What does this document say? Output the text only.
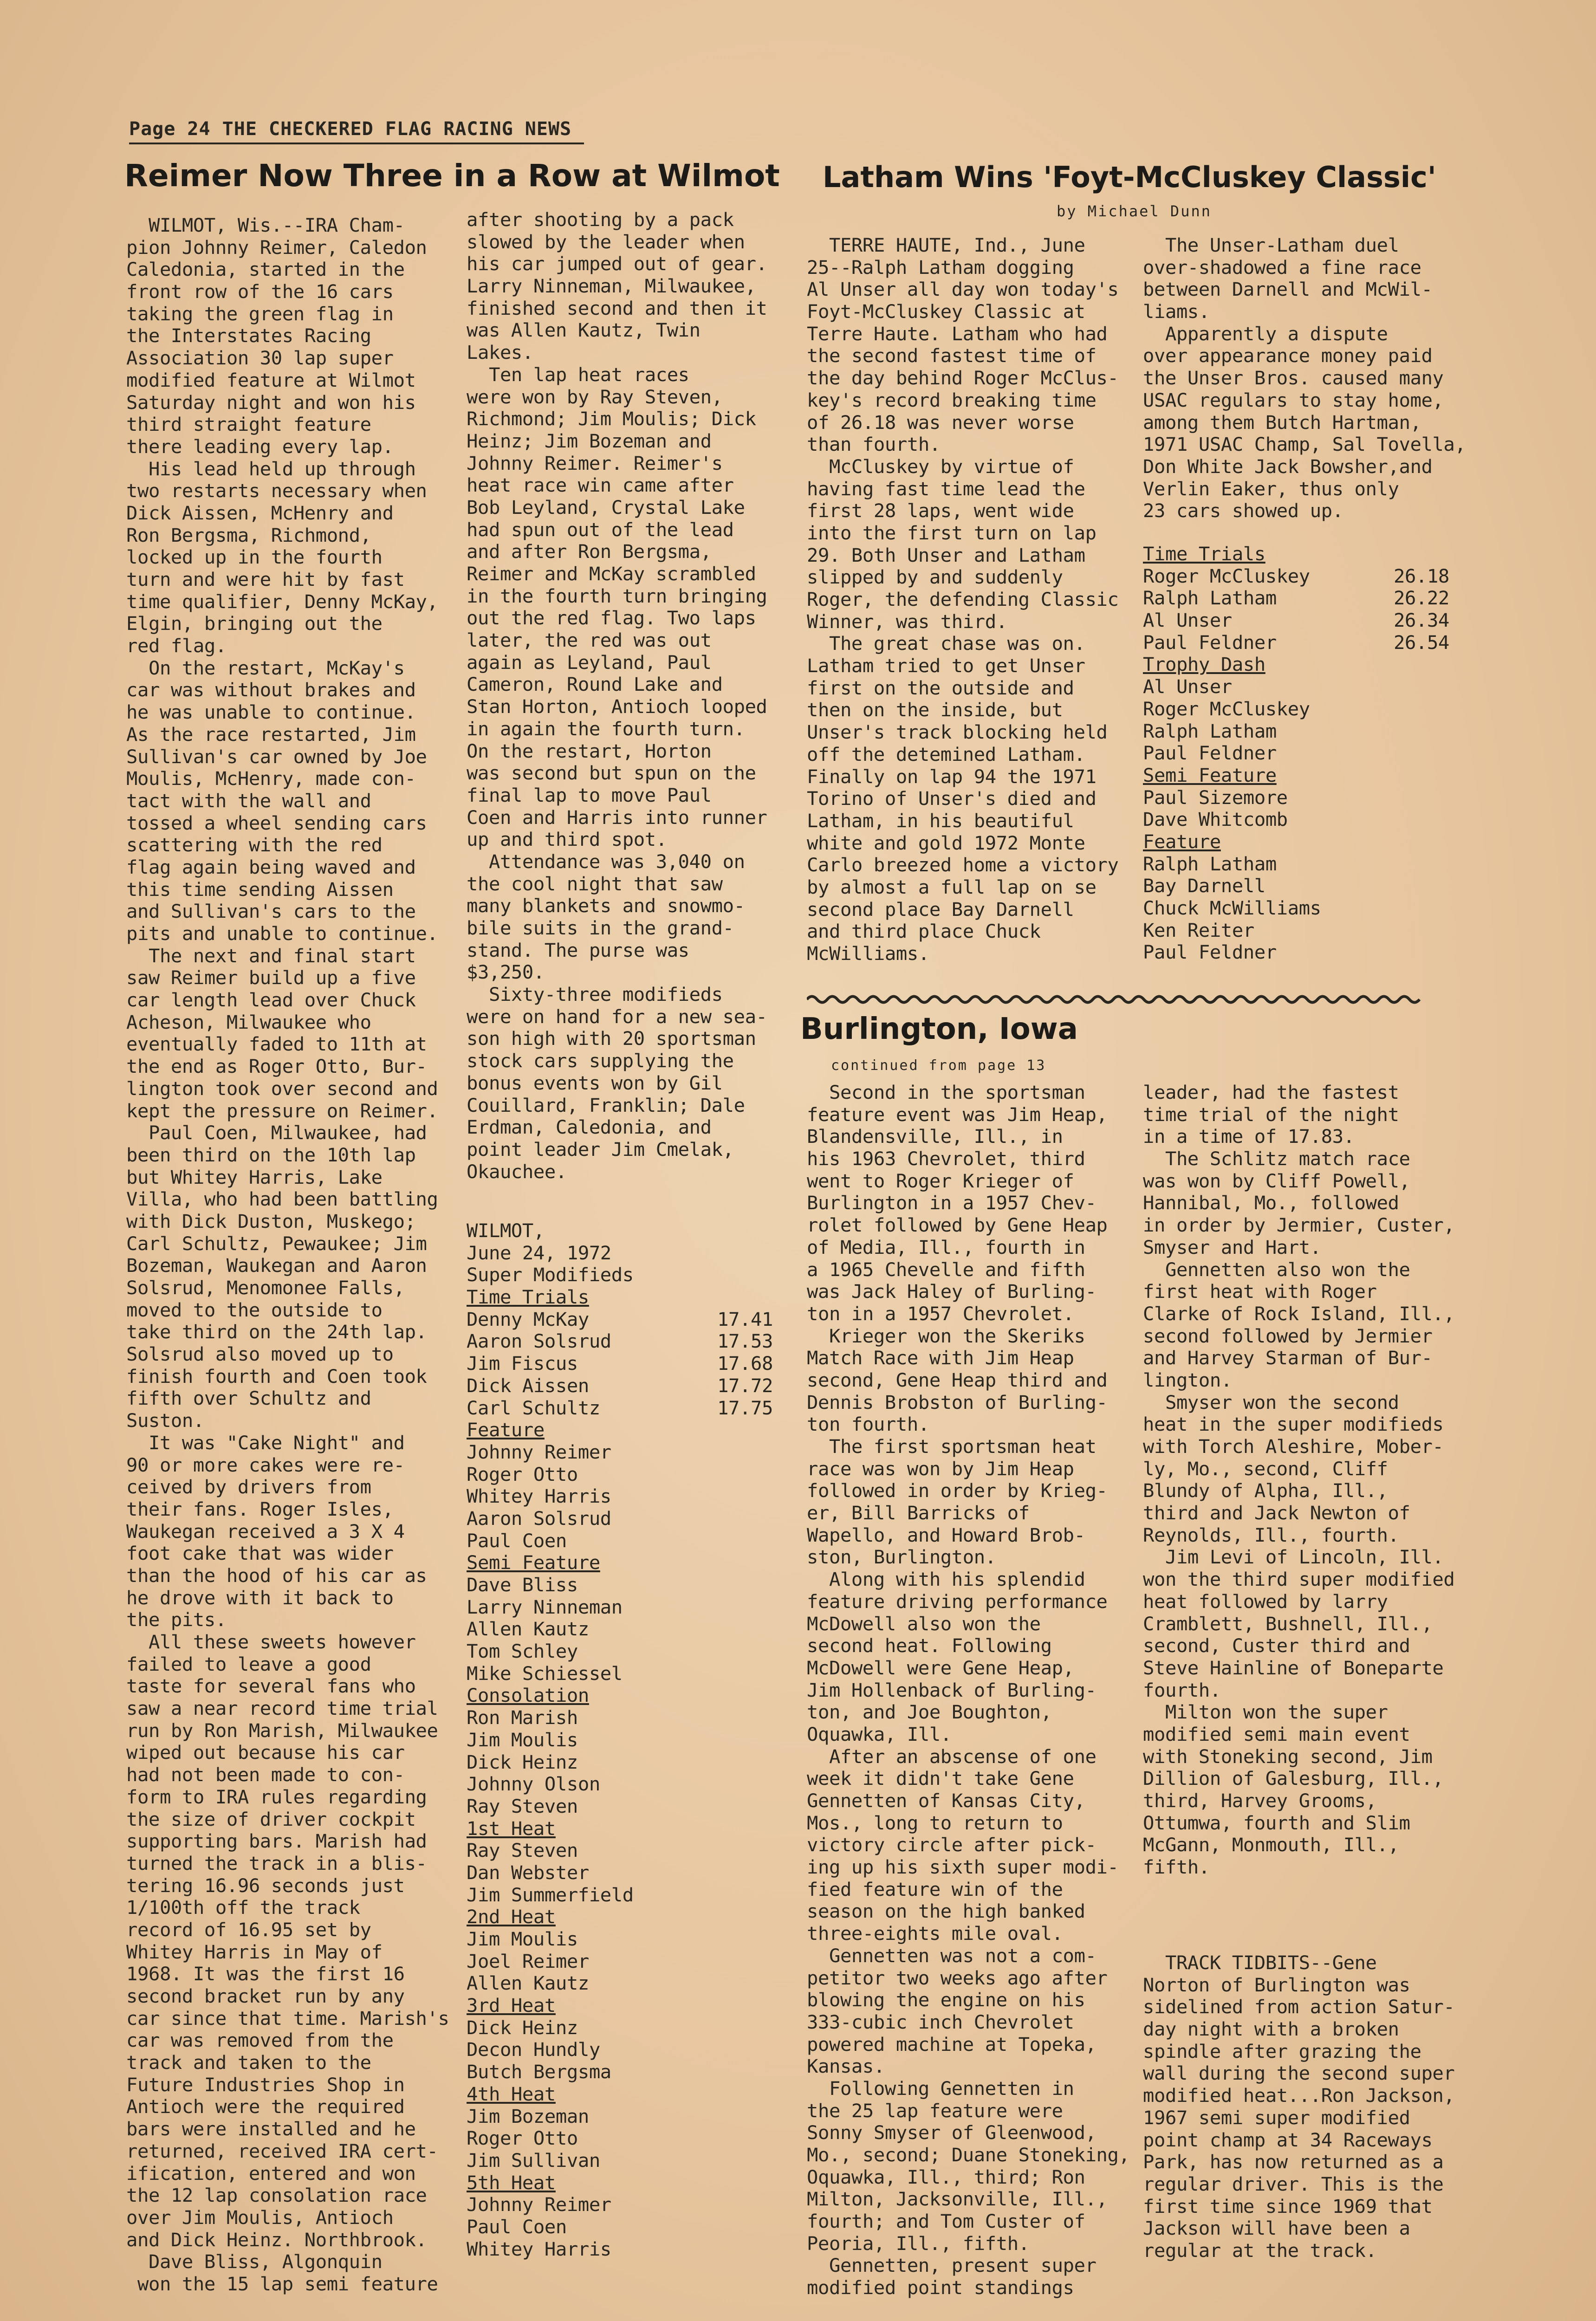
Page 24 THE CHECKERED FLAG RACING NEWS
Reimer Now Three in a Row at Wilmot Latham Wins 'Foyt-McCluskey Classic'
by Michael Dunn
WILMOT, Wis.--IRA Cham-
pion Johnny Reimer, Caledon
Caledonia, started in the
front row of the 16 cars
taking the green flag in
the Interstates Racing
Association 30 lap super
modified feature at Wilmot
Saturday night and won his
third straight feature
there leading every lap.
His lead held up through
two restarts necessary when
Dick Aissen, McHenry and
Ron Bergsma, Richmond,
locked up in the fourth
turn and were hit by fast
time qualifier, Denny McKay,
Elgin, bringing out the
red flag.
On the restart, McKay's
car was without brakes and
he was unable to continue.
As the race restarted, Jim
Sullivan's car owned by Joe
Moulis, McHenry, made con-
tact with the wall and
tossed a wheel sending cars
scattering with the red
flag again being waved and
this time sending Aissen
and Sullivan's cars to the
pits and unable to continue.
The next and final start
saw Reimer build up a five
car length lead over Chuck
Acheson, Milwaukee who
eventually faded to 11th at
the end as Roger Otto, Bur-
lington took over second and
kept the pressure on Reimer.
Paul Coen, Milwaukee, had
been third on the 10th lap
but Whitey Harris, Lake
Villa, who had been battling
with Dick Duston, Muskego;
Carl Schultz, Pewaukee; Jim
Bozeman, Waukegan and Aaron
Solsrud, Menomonee Falls,
moved to the outside to
take third on the 24th lap.
Solsrud also moved up to
finish fourth and Coen took
fifth over Schultz and
Suston.
It was "Cake Night" and
90 or more cakes were re-
ceived by drivers from
their fans. Roger Isles,
Waukegan received a 3 X 4
foot cake that was wider
than the hood of his car as
he drove with it back to
the pits.
All these sweets however
failed to leave a good
taste for several fans who
saw a near record time trial
run by Ron Marish, Milwaukee
wiped out because his car
had not been made to con-
form to IRA rules regarding
the size of driver cockpit
supporting bars. Marish had
turned the track in a blis-
tering 16.96 seconds just
1/100th off the track
record of 16.95 set by
Whitey Harris in May of
1968. It was the first 16
second bracket run by any
car since that time. Marish's
car was removed from the
track and taken to the
Future Industries Shop in
Antioch were the required
bars were installed and he
returned, received IRA cert-
ification, entered and won
the 12 lap consolation race
over Jim Moulis, Antioch
and Dick Heinz. Northbrook.
Dave Bliss, Algonquin
won the 15 lap semi feature
after shooting by a pack
slowed by the leader when
his car jumped out of gear.
Larry Ninneman, Milwaukee,
finished second and then it
was Allen Kautz, Twin
Lakes.
Ten lap heat races
were won by Ray Steven,
Richmond; Jim Moulis; Dick
Heinz; Jim Bozeman and
Johnny Reimer. Reimer's
heat race win came after
Bob Leyland, Crystal Lake
had spun out of the lead
and after Ron Bergsma,
Reimer and McKay scrambled
in the fourth turn bringing
out the red flag. Two laps
later, the red was out
again as Leyland, Paul
Cameron, Round Lake and
Stan Horton, Antioch looped
in again the fourth turn.
On the restart, Horton
was second but spun on the
final lap to move Paul
Coen and Harris into runner
up and third spot.
Attendance was 3,040 on
the cool night that saw
many blankets and snowmo-
bile suits in the grand-
stand. The purse was
$3,250.
Sixty-three modifieds
were on hand for a new sea-
son high with 20 sportsman
stock cars supplying the
bonus events won by Gil
Couillard, Franklin; Dale
Erdman, Caledonia, and
point leader Jim Cmelak,
Okauchee.
WILMOT,
June 24, 1972
Super Modifieds
Time Trials
Denny McKay	17.41
Aaron Solsrud	17.53
Jim Fiscus	17.68
Dick Aissen	17.72
Carl Schultz	17.75
Feature
Johnny Reimer
Roger Otto
Whitey Harris
Aaron Solsrud
Paul Coen
Semi Feature
Dave Bliss
Larry Ninneman
Allen Kautz
Tom Schley
Mike Schiessel
Consolation
Ron Marish
Jim Moulis
Dick Heinz
Johnny Olson
Ray Steven
1st Heat
Ray Steven
Dan Webster
Jim Summerfield
2nd Heat
Jim Moulis
Joel Reimer
Allen Kautz
3rd Heat
Dick Heinz
Decon Hundly
Butch Bergsma
4th Heat
Jim Bozeman
Roger Otto
Jim Sullivan
5th Heat
Johnny Reimer
Paul Coen
Whitey Harris
TERRE HAUTE, Ind., June
25--Ralph Latham dogging
Al Unser all day won today's
Foyt-McCluskey Classic at
Terre Haute. Latham who had
the second fastest time of
the day behind Roger McClus-
key's record breaking time
of 26.18 was never worse
than fourth.
McCluskey by virtue of
having fast time lead the
first 28 laps, went wide
into the first turn on lap
29. Both Unser and Latham
slipped by and suddenly
Roger, the defending Classic
Winner, was third.
The great chase was on.
Latham tried to get Unser
first on the outside and
then on the inside, but
Unser's track blocking held
off the detemined Latham.
Finally on lap 94 the 1971
Torino of Unser's died and
Latham, in his beautiful
white and gold 1972 Monte
Carlo breezed home a victory
by almost a full lap on se
second place Bay Darnell
and third place Chuck
McWilliams.
The Unser-Latham duel
over-shadowed a fine race
between Darnell and McWil-
liams.
Apparently a dispute
over appearance money paid
the Unser Bros. caused many
USAC regulars to stay home,
among them Butch Hartman,
1971 USAC Champ, Sal Tovella,
Don White Jack Bowsher,and
Verlin Eaker, thus only
23 cars showed up.
Time Trials
Roger McCluskey	26.18
Ralph Latham	26.22
Al Unser	26.34
Paul Feldner	26.54
Trophy Dash
Al Unser
Roger McCluskey
Ralph Latham
Paul Feldner
Semi Feature
Paul Sizemore
Dave Whitcomb
Feature
Ralph Latham
Bay Darnell
Chuck McWilliams
Ken Reiter
Paul Feldner
Burlington, Iowa
continued from page 13
Second in the sportsman
feature event was Jim Heap,
Blandensville, Ill., in
his 1963 Chevrolet, third
went to Roger Krieger of
Burlington in a 1957 Chev-
rolet followed by Gene Heap
of Media, Ill., fourth in
a 1965 Chevelle and fifth
was Jack Haley of Burling-
ton in a 1957 Chevrolet.
Krieger won the Skeriks
Match Race with Jim Heap
second, Gene Heap third and
Dennis Brobston of Burling-
ton fourth.
The first sportsman heat
race was won by Jim Heap
followed in order by Krieg-
er, Bill Barricks of
Wapello, and Howard Brob-
ston, Burlington.
Along with his splendid
feature driving performance
McDowell also won the
second heat. Following
McDowell were Gene Heap,
Jim Hollenback of Burling-
ton, and Joe Boughton,
Oquawka, Ill.
After an abscense of one
week it didn't take Gene
Gennetten of Kansas City,
Mos., long to return to
victory circle after pick-
ing up his sixth super modi-
fied feature win of the
season on the high banked
three-eights mile oval.
Gennetten was not a com-
petitor two weeks ago after
blowing the engine on his
333-cubic inch Chevrolet
powered machine at Topeka,
Kansas.
Following Gennetten in
the 25 lap feature were
Sonny Smyser of Gleenwood,
Mo., second; Duane Stoneking,
Oquawka, Ill., third; Ron
Milton, Jacksonville, Ill.,
fourth; and Tom Custer of
Peoria, Ill., fifth.
Gennetten, present super
modified point standings
leader, had the fastest
time trial of the night
in a time of 17.83.
The Schlitz match race
was won by Cliff Powell,
Hannibal, Mo., followed
in order by Jermier, Custer,
Smyser and Hart.
Gennetten also won the
first heat with Roger
Clarke of Rock Island, Ill.,
second followed by Jermier
and Harvey Starman of Bur-
lington.
Smyser won the second
heat in the super modifieds
with Torch Aleshire, Mober-
ly, Mo., second, Cliff
Blundy of Alpha, Ill.,
third and Jack Newton of
Reynolds, Ill., fourth.
Jim Levi of Lincoln, Ill.
won the third super modified
heat followed by larry
Cramblett, Bushnell, Ill.,
second, Custer third and
Steve Hainline of Boneparte
fourth.
Milton won the super
modified semi main event
with Stoneking second, Jim
Dillion of Galesburg, Ill.,
third, Harvey Grooms,
Ottumwa, fourth and Slim
McGann, Monmouth, Ill.,
fifth.
TRACK TIDBITS--Gene
Norton of Burlington was
sidelined from action Satur-
day night with a broken
spindle after grazing the
wall during the second super
modified heat...Ron Jackson,
1967 semi super modified
point champ at 34 Raceways
Park, has now returned as a
regular driver. This is the
first time since 1969 that
Jackson will have been a
regular at the track.
